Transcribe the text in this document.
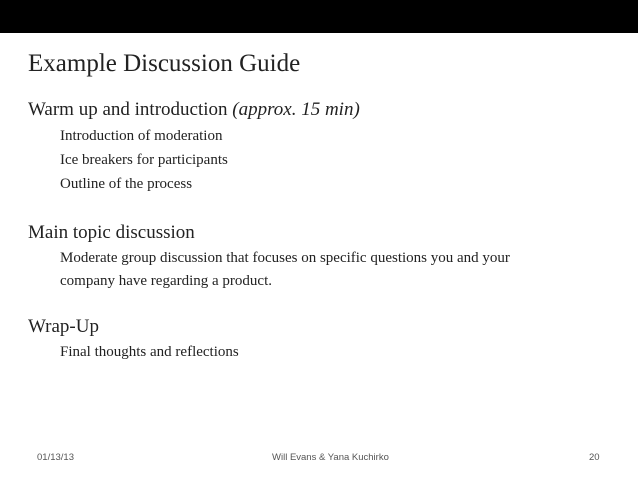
Example Discussion Guide
Warm up and introduction (approx. 15 min)
Introduction of moderation
Ice breakers for participants
Outline of the process
Main topic discussion
Moderate group discussion that focuses on specific questions you and your company have regarding a product.
Wrap-Up
Final thoughts and reflections
01/13/13	Will Evans & Yana Kuchirko	20
